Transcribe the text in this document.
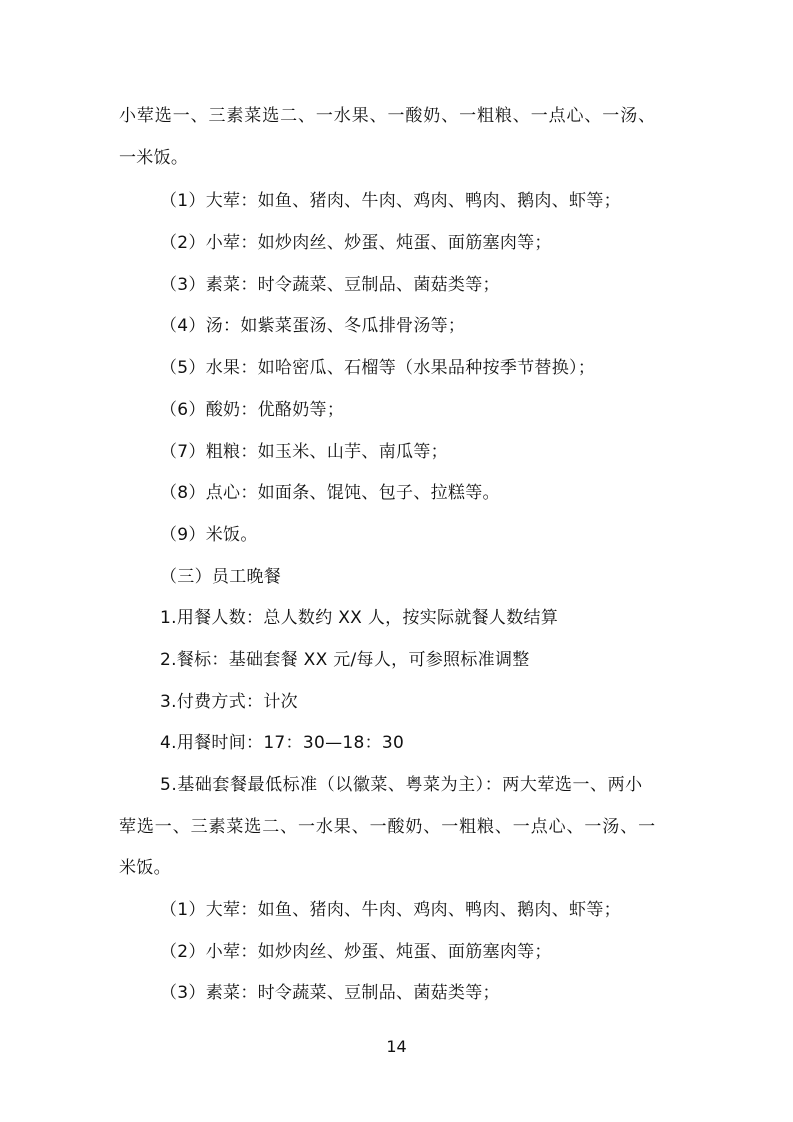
小荤选一、三素菜选二、一水果、一酸奶、一粗粮、一点心、一汤、
一米饭。
（1）大荤：如鱼、猪肉、牛肉、鸡肉、鸭肉、鹅肉、虾等；
（2）小荤：如炒肉丝、炒蛋、炖蛋、面筋塞肉等；
（3）素菜：时令蔬菜、豆制品、菌菇类等；
（4）汤：如紫菜蛋汤、冬瓜排骨汤等；
（5）水果：如哈密瓜、石榴等（水果品种按季节替换）；
（6）酸奶：优酪奶等；
（7）粗粮：如玉米、山芋、南瓜等；
（8）点心：如面条、馄饨、包子、拉糕等。
（9）米饭。
（三）员工晚餐
1.用餐人数：总人数约 XX 人，按实际就餐人数结算
2.餐标：基础套餐 XX 元/每人，可参照标准调整
3.付费方式：计次
4.用餐时间：17：30—18：30
5.基础套餐最低标准（以徽菜、粤菜为主）：两大荤选一、两小
荤选一、三素菜选二、一水果、一酸奶、一粗粮、一点心、一汤、一
米饭。
（1）大荤：如鱼、猪肉、牛肉、鸡肉、鸭肉、鹅肉、虾等；
（2）小荤：如炒肉丝、炒蛋、炖蛋、面筋塞肉等；
（3）素菜：时令蔬菜、豆制品、菌菇类等；
14
